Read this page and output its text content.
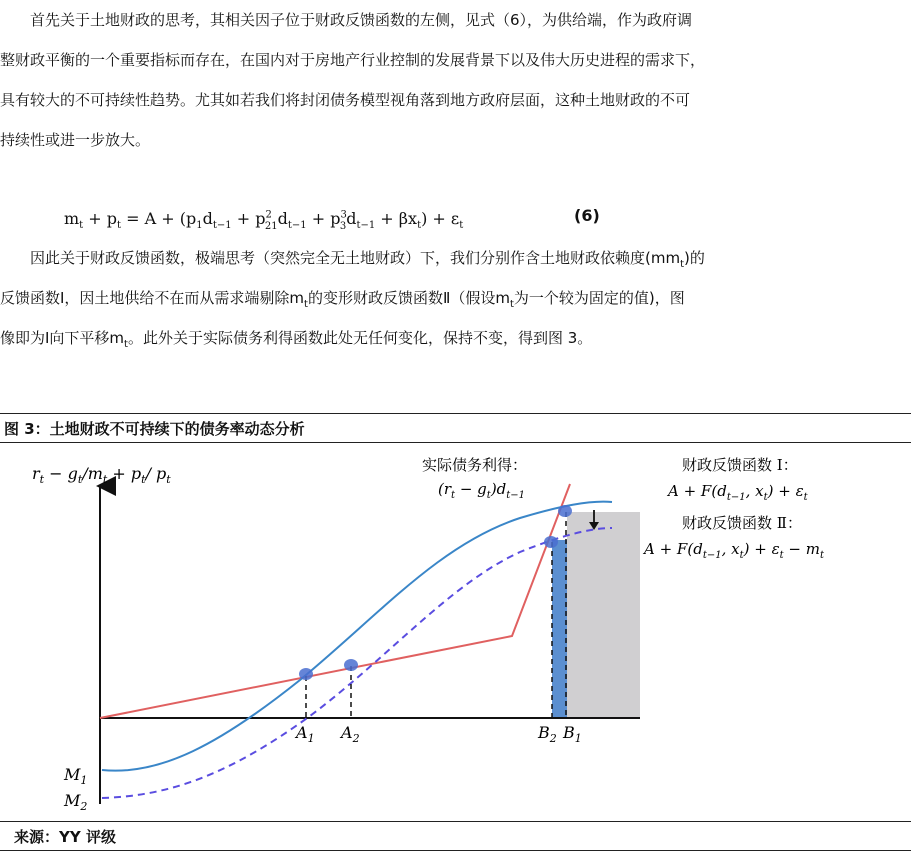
首先关于土地财政的思考，其相关因子位于财政反馈函数的左侧，见式（6），为供给端，作为政府调
整财政平衡的一个重要指标而存在，在国内对于房地产行业控制的发展背景下以及伟大历史进程的需求下，
具有较大的不可持续性趋势。尤其如若我们将封闭债务模型视角落到地方政府层面，这种土地财政的不可
持续性或进一步放大。
$m_t + p_t = A + (p_1d_{t-1} + p^2_{21}d_{t-1} + p^3_3d_{t-1} + \beta x_t) + \varepsilon_t$
(6)
因此关于财政反馈函数，极端思考（突然完全无土地财政）下，我们分别作含土地财政依赖度$(mm_t)$的
反馈函数Ⅰ，因土地供给不在而从需求端剔除$m_t$的变形财政反馈函数Ⅱ（假设$m_t$为一个较为固定的值)，图
像即为Ⅰ向下平移$m_t$。此外关于实际债务利得函数此处无任何变化，保持不变，得到图 3。
图 3：土地财政不可持续下的债务率动态分析
$r_t - g_t/m_t + p_t/$ $p_t$
实际债务利得：
$(r_t - g_t)d_{t-1}$
财政反馈函数 Ⅰ：
$A + F(d_{t-1}$, $x_t) + \varepsilon_t$
财政反馈函数 Ⅱ：
$A + F(d_{t-1}$, $x_t) + \varepsilon_t - m_t$
$A_1$ $A_2$	$B_2$ $B_1$
$M_1$
$M_2$
来源：YY 评级
